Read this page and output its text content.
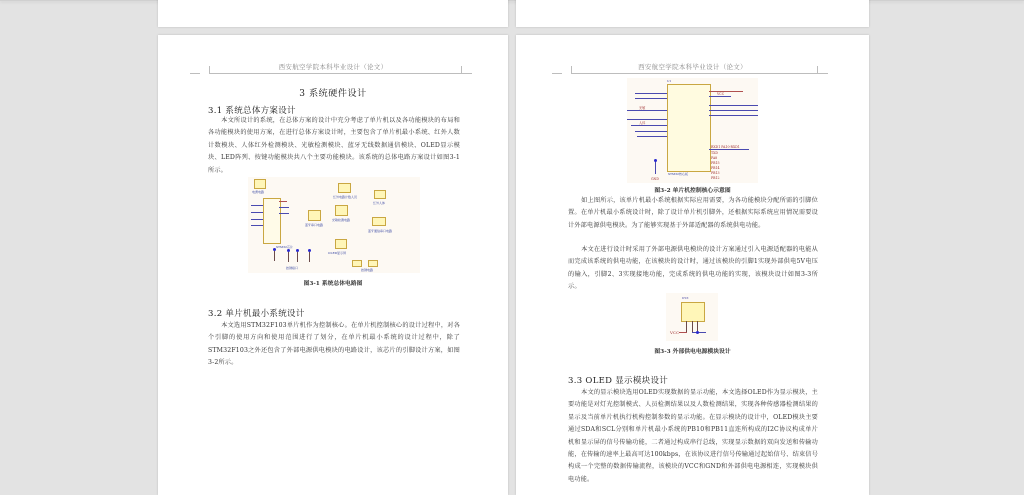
西安航空学院本科毕业设计（论文）
3 系统硬件设计
3.1 系统总体方案设计
本文所设计的系统，在总体方案的设计中充分考虑了单片机以及各功能模块的布局和各功能模块的使用方案，在进行总体方案设计时，主要包含了单片机最小系统、红外人数计数模块、人体红外检测模块、光敏检测模块、蓝牙无线数据通信模块、OLED显示模块、LED阵列、按键功能模块共八个主要功能模块。该系统的总体电路方案设计如图3-1所示。
电源电路
STM32芯片
蓝牙串口电路
红外电路计数人员
光敏检测电路
红外人体
蓝牙通信串口电路
OLED显示屏
按键接口	按键电路
图3-1 系统总体电路图
3.2 单片机最小系统设计
本文选用STM32F103单片机作为控制核心。在单片机控制核心的设计过程中，对各个引脚的使用方向和使用范围进行了划分，在单片机最小系统的设计过程中，除了STM32F103之外还包含了外部电源供电模块的电路设计，该芯片的引脚设计方案，如图3-2所示。
西安航空学院本科毕业设计（论文）
U1
VCC
光敏
人体
RXD1 PA10-RXD1
TXD
PA8
PB15
PB14
PB13
PB12
GND
STM32核心板
图3-2 单片机控制核心示意图
如上图所示，该单片机最小系统根据实际应用需要，为各功能模块分配所需的引脚位置。在单片机最小系统设计时，除了设计单片机引脚外，还根据实际系统应用情况需要设计外部电源供电模块。为了能够实现基于外部适配器的系统供电功能。
本文在进行设计时采用了外部电源供电模块的设计方案通过引入电源适配器的电能从而完成该系统的供电功能，在该模块的设计时，通过该模块的引脚1实现外部供电5V电压的输入，引脚2、3实现接地功能，完成系统的供电功能的实现，该模块设计如图3-3所示。
DYZ
VCC
图3-3 外部供电电源模块设计
3.3 OLED 显示模块设计
本文的显示模块选用OLED实现数据的显示功能，本文选择OLED作为显示模块，主要功能是对灯光控制模式、人员检测结果以及人数检测结果，实现各种传感器检测结果的显示及当前单片机执行机构控制参数的显示功能。在显示模块的设计中，OLED模块主要通过SDA和SCL分别和单片机最小系统的PB10和PB11直连所构成的I2C协议构成单片机和显示屏的信号传输功能，二者通过构成串行总线，实现显示数据的双向发送和传输功能，在传输的速率上最高可达100kbps，在该协议进行信号传输通过起始信号、结束信号构成一个完整的数据传输流程，该模块的VCC和GND和外部供电电源相连，实现模块供电功能。
